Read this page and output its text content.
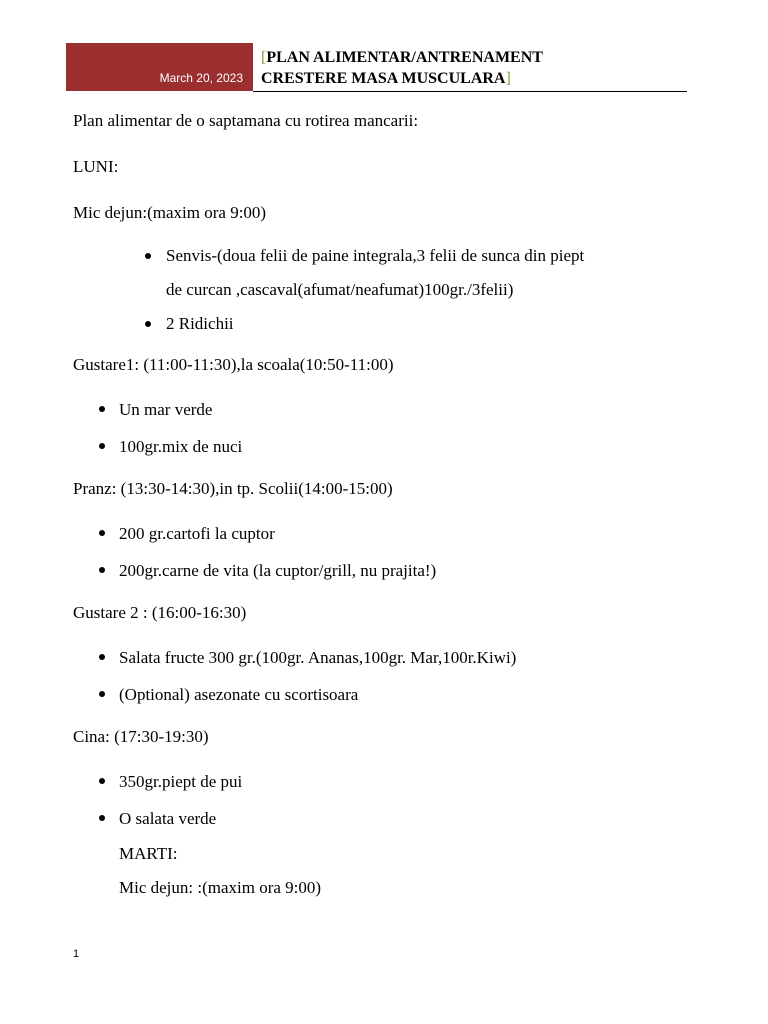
March 20, 2023
[PLAN ALIMENTAR/ANTRENAMENT
CRESTERE MASA MUSCULARA]
Plan alimentar de o saptamana cu rotirea mancarii:
LUNI:
Mic dejun:(maxim ora 9:00)
Senvis-(doua felii de paine integrala,3 felii de sunca din piept
de curcan ,cascaval(afumat/neafumat)100gr./3felii)
2 Ridichii
Gustare1: (11:00-11:30),la scoala(10:50-11:00)
Un mar verde
100gr.mix de nuci
Pranz: (13:30-14:30),in tp. Scolii(14:00-15:00)
200 gr.cartofi la cuptor
200gr.carne de vita (la cuptor/grill, nu prajita!)
Gustare 2 : (16:00-16:30)
Salata fructe 300 gr.(100gr. Ananas,100gr. Mar,100r.Kiwi)
(Optional) asezonate cu scortisoara
Cina: (17:30-19:30)
350gr.piept de pui
O salata verde
MARTI:
Mic dejun: :(maxim ora 9:00)
1
